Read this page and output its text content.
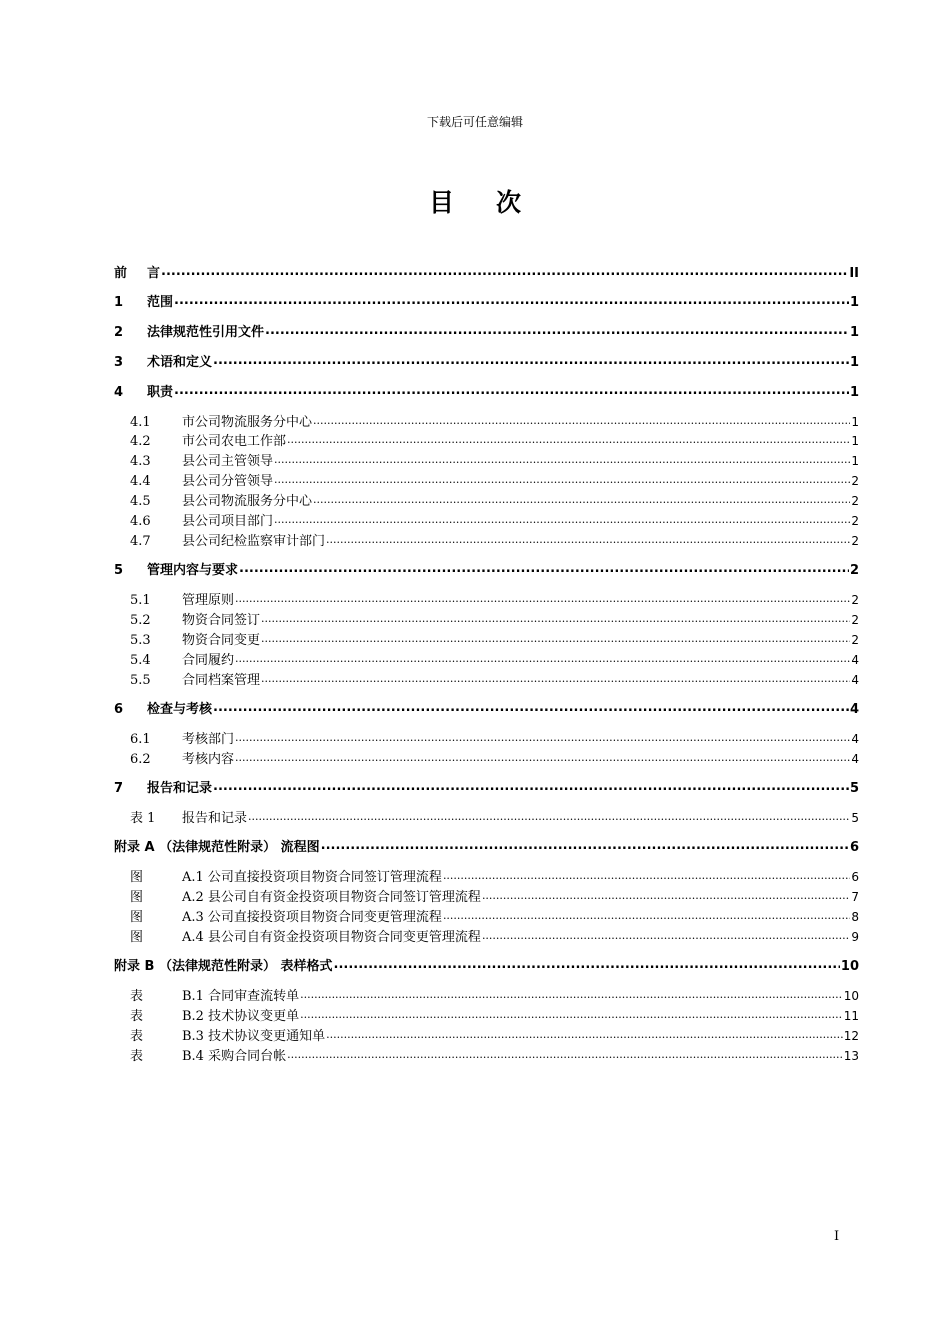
下载后可任意编辑
目次
前	言 .....	II
1	范围 .....	1
2	法律规范性引用文件 .....	1
3	术语和定义 .....	1
4	职责 .....	1
4.1	市公司物流服务分中心 .....	1
4.2	市公司农电工作部 .....	1
4.3	县公司主管领导 .....	1
4.4	县公司分管领导 .....	2
4.5	县公司物流服务分中心 .....	2
4.6	县公司项目部门 .....	2
4.7	县公司纪检监察审计部门 .....	2
5	管理内容与要求 .....	2
5.1	管理原则 .....	2
5.2	物资合同签订 .....	2
5.3	物资合同变更 .....	2
5.4	合同履约 .....	4
5.5	合同档案管理 .....	4
6	检查与考核 .....	4
6.1	考核部门 .....	4
6.2	考核内容 .....	4
7	报告和记录 .....	5
表 1	报告和记录 .....	5
附录 A （法律规范性附录） 流程图 .....	6
图	A.1 公司直接投资项目物资合同签订管理流程 .....	6
图	A.2 县公司自有资金投资项目物资合同签订管理流程 .....	7
图	A.3 公司直接投资项目物资合同变更管理流程 .....	8
图	A.4 县公司自有资金投资项目物资合同变更管理流程 .....	9
附录 B （法律规范性附录） 表样格式 .....	10
表	B.1 合同审查流转单 .....	10
表	B.2 技术协议变更单 .....	11
表	B.3 技术协议变更通知单 .....	12
表	B.4 采购合同台帐 .....	13
I
